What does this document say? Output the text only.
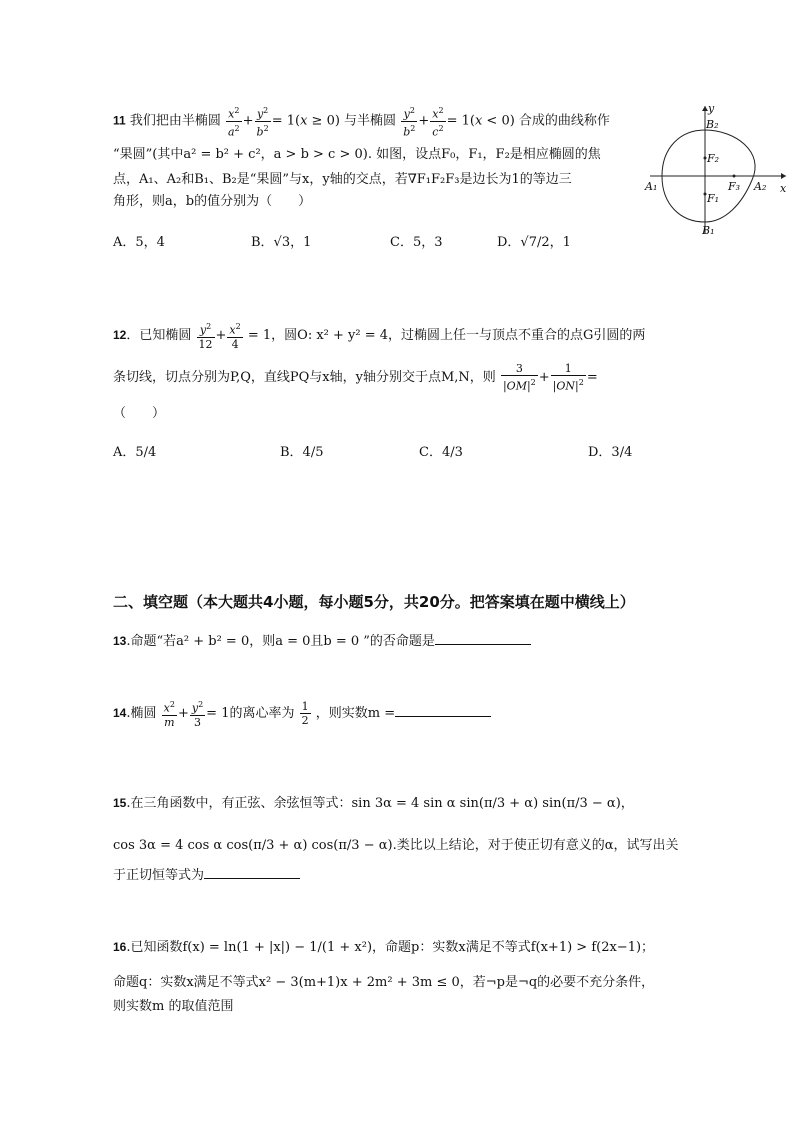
11 我们把由半椭圆 $\frac{x^2}{a^2} + \frac{y^2}{b^2} = 1(x \ge 0)$ 与半椭圆 $\frac{y^2}{b^2} + \frac{x^2}{c^2} = 1(x < 0)$ 合成的曲线称作
“果圆”(其中a² = b² + c²，a > b > c > 0). 如图，设点F₀，F₁，F₂是相应椭圆的焦
点，A₁、A₂和B₁、B₂是“果圆”与x，y轴的交点，若∇F₁F₂F₃是边长为1的等边三
角形，则a，b的值分别为（　　）
A．5，4	B．√3，1	C．5，3	D．√7/2，1
y
B₂
F₂
A₁	F₃ A₂ x
F₁
B₁
12．已知椭圆 $\frac{y^2}{12} + \frac{x^2}{4} = 1$，圆O: x² + y² = 4，过椭圆上任一与顶点不重合的点G引圆的两
条切线，切点分别为P,Q，直线PQ与x轴，y轴分别交于点M,N，则 $\frac{3}{|OM|^2} + \frac{1}{|ON|^2}$ =
（　　）
A．5/4	B．4/5	C．4/3	D．3/4
二、填空题（本大题共4小题，每小题5分，共20分。把答案填在题中横线上）
13.命题“若a² + b² = 0，则a = 0且b = 0 ”的否命题是
14.椭圆 $\frac{x^2}{m} + \frac{y^2}{3} = 1$的离心率为 $\frac{1}{2}$ ，则实数m =
15.在三角函数中，有正弦、余弦恒等式：sin 3α = 4 sin α sin(π/3 + α) sin(π/3 − α)，
cos 3α = 4 cos α cos(π/3 + α) cos(π/3 − α).类比以上结论，对于使正切有意义的α，试写出关
于正切恒等式为
16.已知函数f(x) = ln(1 + |x|) − 1/(1 + x²)，命题p：实数x满足不等式f(x+1) > f(2x−1)；
命题q：实数x满足不等式x² − 3(m+1)x + 2m² + 3m ≤ 0，若¬p是¬q的必要不充分条件，
则实数m 的取值范围
